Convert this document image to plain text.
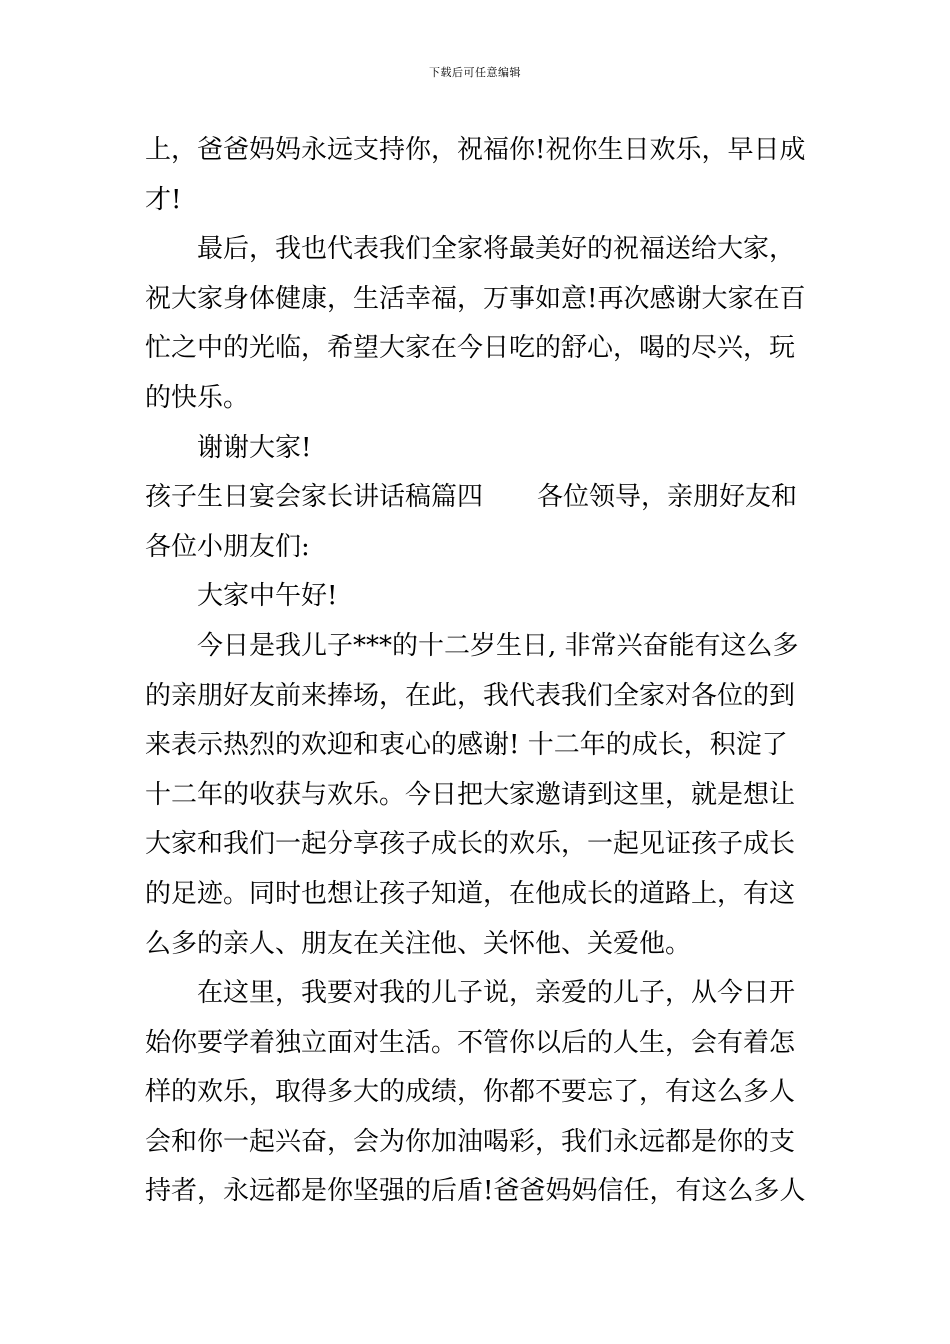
下载后可任意编辑
上，爸爸妈妈永远支持你，祝福你!祝你生日欢乐，早日成
才!
最后，我也代表我们全家将最美好的祝福送给大家，
祝大家身体健康，生活幸福，万事如意!再次感谢大家在百
忙之中的光临，希望大家在今日吃的舒心，喝的尽兴，玩
的快乐。
谢谢大家!
孩子生日宴会家长讲话稿篇四 各位领导，亲朋好友和
各位小朋友们:
大家中午好!
今日是我儿子***的十二岁生日, 非常兴奋能有这么多
的亲朋好友前来捧场，在此，我代表我们全家对各位的到
来表示热烈的欢迎和衷心的感谢! 十二年的成长，积淀了
十二年的收获与欢乐。今日把大家邀请到这里，就是想让
大家和我们一起分享孩子成长的欢乐，一起见证孩子成长
的足迹。同时也想让孩子知道，在他成长的道路上，有这
么多的亲人、朋友在关注他、关怀他、关爱他。
在这里，我要对我的儿子说，亲爱的儿子，从今日开
始你要学着独立面对生活。不管你以后的人生，会有着怎
样的欢乐，取得多大的成绩，你都不要忘了，有这么多人
会和你一起兴奋，会为你加油喝彩，我们永远都是你的支
持者，永远都是你坚强的后盾!爸爸妈妈信任，有这么多人
